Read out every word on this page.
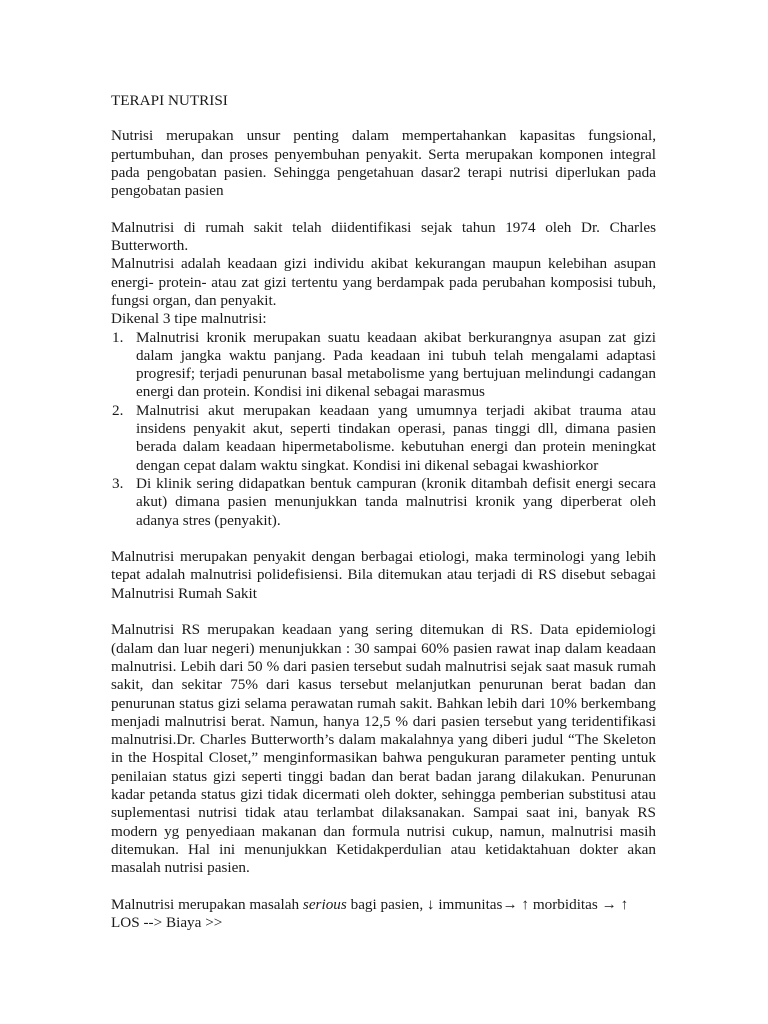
TERAPI NUTRISI

Nutrisi merupakan unsur penting dalam mempertahankan kapasitas fungsional, pertumbuhan, dan proses penyembuhan penyakit. Serta merupakan komponen integral pada pengobatan pasien. Sehingga pengetahuan dasar2 terapi nutrisi diperlukan pada pengobatan pasien

Malnutrisi di rumah sakit telah diidentifikasi sejak tahun 1974 oleh Dr. Charles Butterworth.

Malnutrisi adalah keadaan gizi individu akibat kekurangan maupun kelebihan asupan energi- protein- atau zat gizi tertentu yang berdampak pada perubahan komposisi tubuh, fungsi organ, dan penyakit.

Dikenal 3 tipe malnutrisi:

1. Malnutrisi kronik merupakan suatu keadaan akibat berkurangnya asupan zat gizi dalam jangka waktu panjang. Pada keadaan ini tubuh telah mengalami adaptasi progresif; terjadi penurunan basal metabolisme yang bertujuan melindungi cadangan energi dan protein. Kondisi ini dikenal sebagai marasmus
2. Malnutrisi akut merupakan keadaan yang umumnya terjadi akibat trauma atau insidens penyakit akut, seperti tindakan operasi, panas tinggi dll, dimana pasien berada dalam keadaan hipermetabolisme. kebutuhan energi dan protein meningkat dengan cepat dalam waktu singkat. Kondisi ini dikenal sebagai kwashiorkor
3. Di klinik sering didapatkan bentuk campuran (kronik ditambah defisit energi secara akut) dimana pasien menunjukkan tanda malnutrisi kronik yang diperberat oleh adanya stres (penyakit).

Malnutrisi merupakan penyakit dengan berbagai etiologi, maka terminologi yang lebih tepat adalah malnutrisi polidefisiensi. Bila ditemukan atau terjadi di RS disebut sebagai Malnutrisi Rumah Sakit

Malnutrisi RS merupakan keadaan yang sering ditemukan di RS. Data epidemiologi (dalam dan luar negeri) menunjukkan : 30 sampai 60% pasien rawat inap dalam keadaan malnutrisi. Lebih dari 50 % dari pasien tersebut sudah malnutrisi sejak saat masuk rumah sakit, dan sekitar 75% dari kasus tersebut melanjutkan penurunan berat badan dan penurunan status gizi selama perawatan rumah sakit. Bahkan lebih dari 10% berkembang menjadi malnutrisi berat. Namun, hanya 12,5 % dari pasien tersebut yang teridentifikasi malnutrisi.Dr. Charles Butterworth’s dalam makalahnya yang diberi judul “The Skeleton in the Hospital Closet,” menginformasikan bahwa pengukuran parameter penting untuk penilaian status gizi seperti tinggi badan dan berat badan jarang dilakukan. Penurunan kadar petanda status gizi tidak dicermati oleh dokter, sehingga pemberian substitusi atau suplementasi nutrisi tidak atau terlambat dilaksanakan. Sampai saat ini, banyak RS modern yg penyediaan makanan dan formula nutrisi cukup, namun, malnutrisi masih ditemukan. Hal ini menunjukkan Ketidakperdulian atau ketidaktahuan dokter akan masalah nutrisi pasien.

Malnutrisi merupakan masalah serious bagi pasien, ↓ immunitas→ ↑ morbiditas → ↑ LOS --> Biaya >>
